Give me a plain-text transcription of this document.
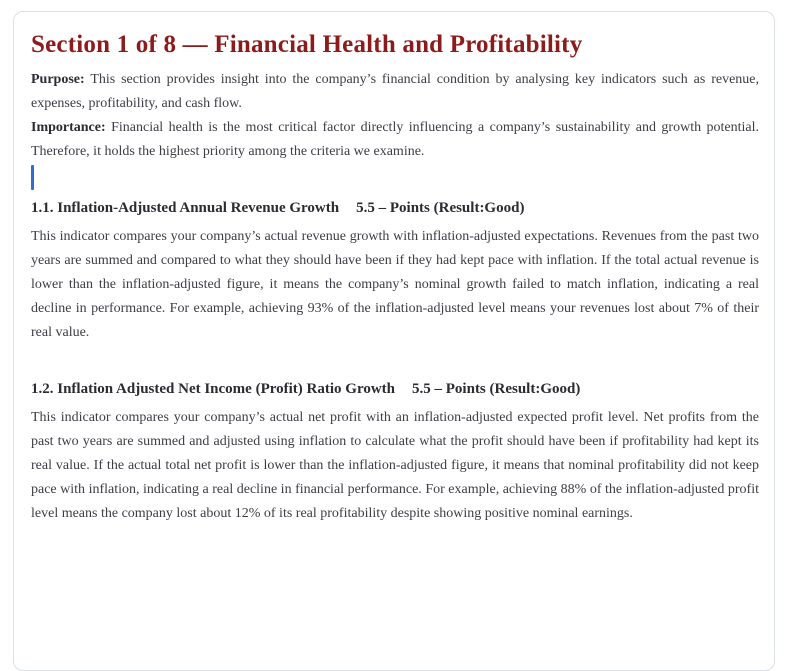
Section 1 of 8 — Financial Health and Profitability

Purpose: This section provides insight into the company’s financial condition by analysing key indicators such as revenue, expenses, profitability, and cash flow.

Importance: Financial health is the most critical factor directly influencing a company’s sustainability and growth potential. Therefore, it holds the highest priority among the criteria we examine.

1.1. Inflation-Adjusted Annual Revenue Growth 5.5 – Points (Result:Good)

This indicator compares your company’s actual revenue growth with inflation-adjusted expectations. Revenues from the past two years are summed and compared to what they should have been if they had kept pace with inflation. If the total actual revenue is lower than the inflation-adjusted figure, it means the company’s nominal growth failed to match inflation, indicating a real decline in performance. For example, achieving 93% of the inflation-adjusted level means your revenues lost about 7% of their real value.

1.2. Inflation Adjusted Net Income (Profit) Ratio Growth 5.5 – Points (Result:Good)

This indicator compares your company’s actual net profit with an inflation-adjusted expected profit level. Net profits from the past two years are summed and adjusted using inflation to calculate what the profit should have been if profitability had kept its real value. If the actual total net profit is lower than the inflation-adjusted figure, it means that nominal profitability did not keep pace with inflation, indicating a real decline in financial performance. For example, achieving 88% of the inflation-adjusted profit level means the company lost about 12% of its real profitability despite showing positive nominal earnings.
